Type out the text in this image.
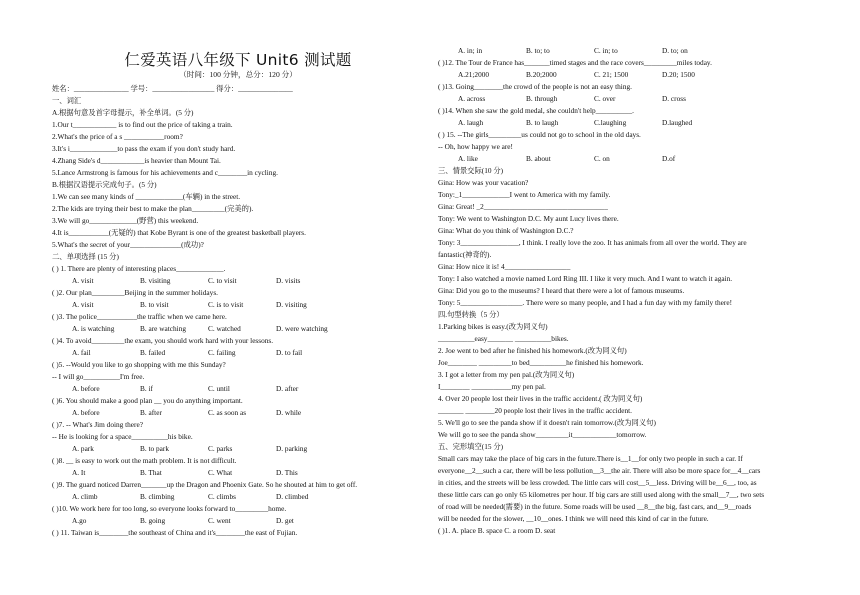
仁爱英语八年级下 Unit6 测试题
（时间：100 分钟，总分：120 分）
姓名：_______________ 学号：_________________ 得分：_______________
一、词汇
A.根据句意及首字母提示，补全单词。(5 分)
1.Our t____________ is to find out the price of taking a train.
2.What's the price of a s ___________room?
3.It's i_____________to pass the exam if you don't study hard.
4.Zhang Side's d____________is heavier than Mount Tai.
5.Lance Armstrong is famous for his achievements and c________in cycling.
B.根据汉语提示完成句子。(5 分)
1.We can see many kinds of _____________(车辆) in the street.
2.The kids are trying their best to make the plan_________(完美的).
3.We will go_____________(野营) this weekend.
4.It is___________(无疑的) that Kobe Byrant is one of the greatest basketball players.
5.What's the secret of your______________(成功)?
二、单项选择 (15 分)
( ) 1. There are plenty of interesting places_____________.
A. visit	B. visiting	C. to visit	D. visits
( )2. Our plan_________Beijing in the summer holidays.
A. visit	B. to visit	C. is to visit	D. visiting
( )3. The police___________the traffic when we came here.
A. is watching	B. are watching	C. watched	D. were watching
( )4. To avoid_________the exam, you should work hard with your lessons.
A. fail	B. failed	C. failing	D. to fail
( )5. --Would you like to go shopping with me this Sunday?
-- I will go__________I'm free.
A. before	B. if	C. until	D. after
( )6. You should make a good plan __ you do anything important.
A. before	B. after	C. as soon as	D. while
( )7. -- What's Jim doing there?
-- He is looking for a space__________his bike.
A. park	B. to park	C. parks	D. parking
( )8. __ is easy to work out the math problem. It is not difficult.
A. It	B. That	C. What	D. This
( )9. The guard noticed Darren_______up the Dragon and Phoenix Gate. So he shouted at him to get off.
A. climb	B. climbing	C. climbs	D. climbed
( )10. We work here for too long, so everyone looks forward to_________home.
A.go	B. going	C. went	D. get
( ) 11. Taiwan is________the southeast of China and it's________the east of Fujian.
A. in; in	B. to; to	C. in; to	D. to; on
( )12. The Tour de France has_______timed stages and the race covers_________miles today.
A.21;2000	B.20;2000	C. 21; 1500	D.20; 1500
( )13. Going________the crowd of the people is not an easy thing.
A. across	B. through	C. over	D. cross
( )14. When she saw the gold medal, she couldn't help__________.
A. laugh	B. to laugh	C.laughing	D.laughed
( ) 15. --The girls_________us could not go to school in the old days.
-- Oh, how happy we are!
A. like	B. about	C. on	D.of
三、情景交际(10 分)
Gina: How was your vacation?
Tony:_1_____________I went to America with my family.
Gina: Great! _2__________________________________
Tony: We went to Washington D.C. My aunt Lucy lives there.
Gina: What do you think of Washington D.C.?
Tony: 3________________, I think. I really love the zoo. It has animals from all over the world. They are
fantastic(神奇的).
Gina: How nice it is! 4__________________
Tony: I also watched a movie named Lord Ring III. I like it very much. And I want to watch it again.
Gina: Did you go to the museums? I heard that there were a lot of famous museums.
Tony: 5_________________. There were so many people, and I had a fun day with my family there!
四.句型转换（5 分）
1.Parking bikes is easy.(改为同义句)
__________easy_______ __________bikes.
2. Joe went to bed after he finished his homework.(改为同义句)
Joe________ _________to bed__________he finished his homework.
3. I got a letter from my pen pal.(改为同义句)
I________ ___________my pen pal.
4. Over 20 people lost their lives in the traffic accident.( 改为同义句)
_______ ________20 people lost their lives in the traffic accident.
5. We'll go to see the panda show if it doesn't rain tomorrow.(改为同义句)
We will go to see the panda show_________it____________tomorrow.
五、完形填空(15 分)
Small cars may take the place of big cars in the future.There is__1__for only two people in such a car. If
everyone__2__such a car, there will be less pollution__3__the air. There will also be more space for__4__cars
in cities, and the streets will be less crowded. The little cars will cost__5__less. Driving will be__6__, too, as
these little cars can go only 65 kilometres per hour. If big cars are still used along with the small__7__, two sets
of road will be needed(需要) in the future. Some roads will be used __8__the big, fast cars, and__9__roads
will be needed for the slower, __10__ones. I think we will need this kind of car in the future.
( )1. A. place B. space C. a room D. seat
